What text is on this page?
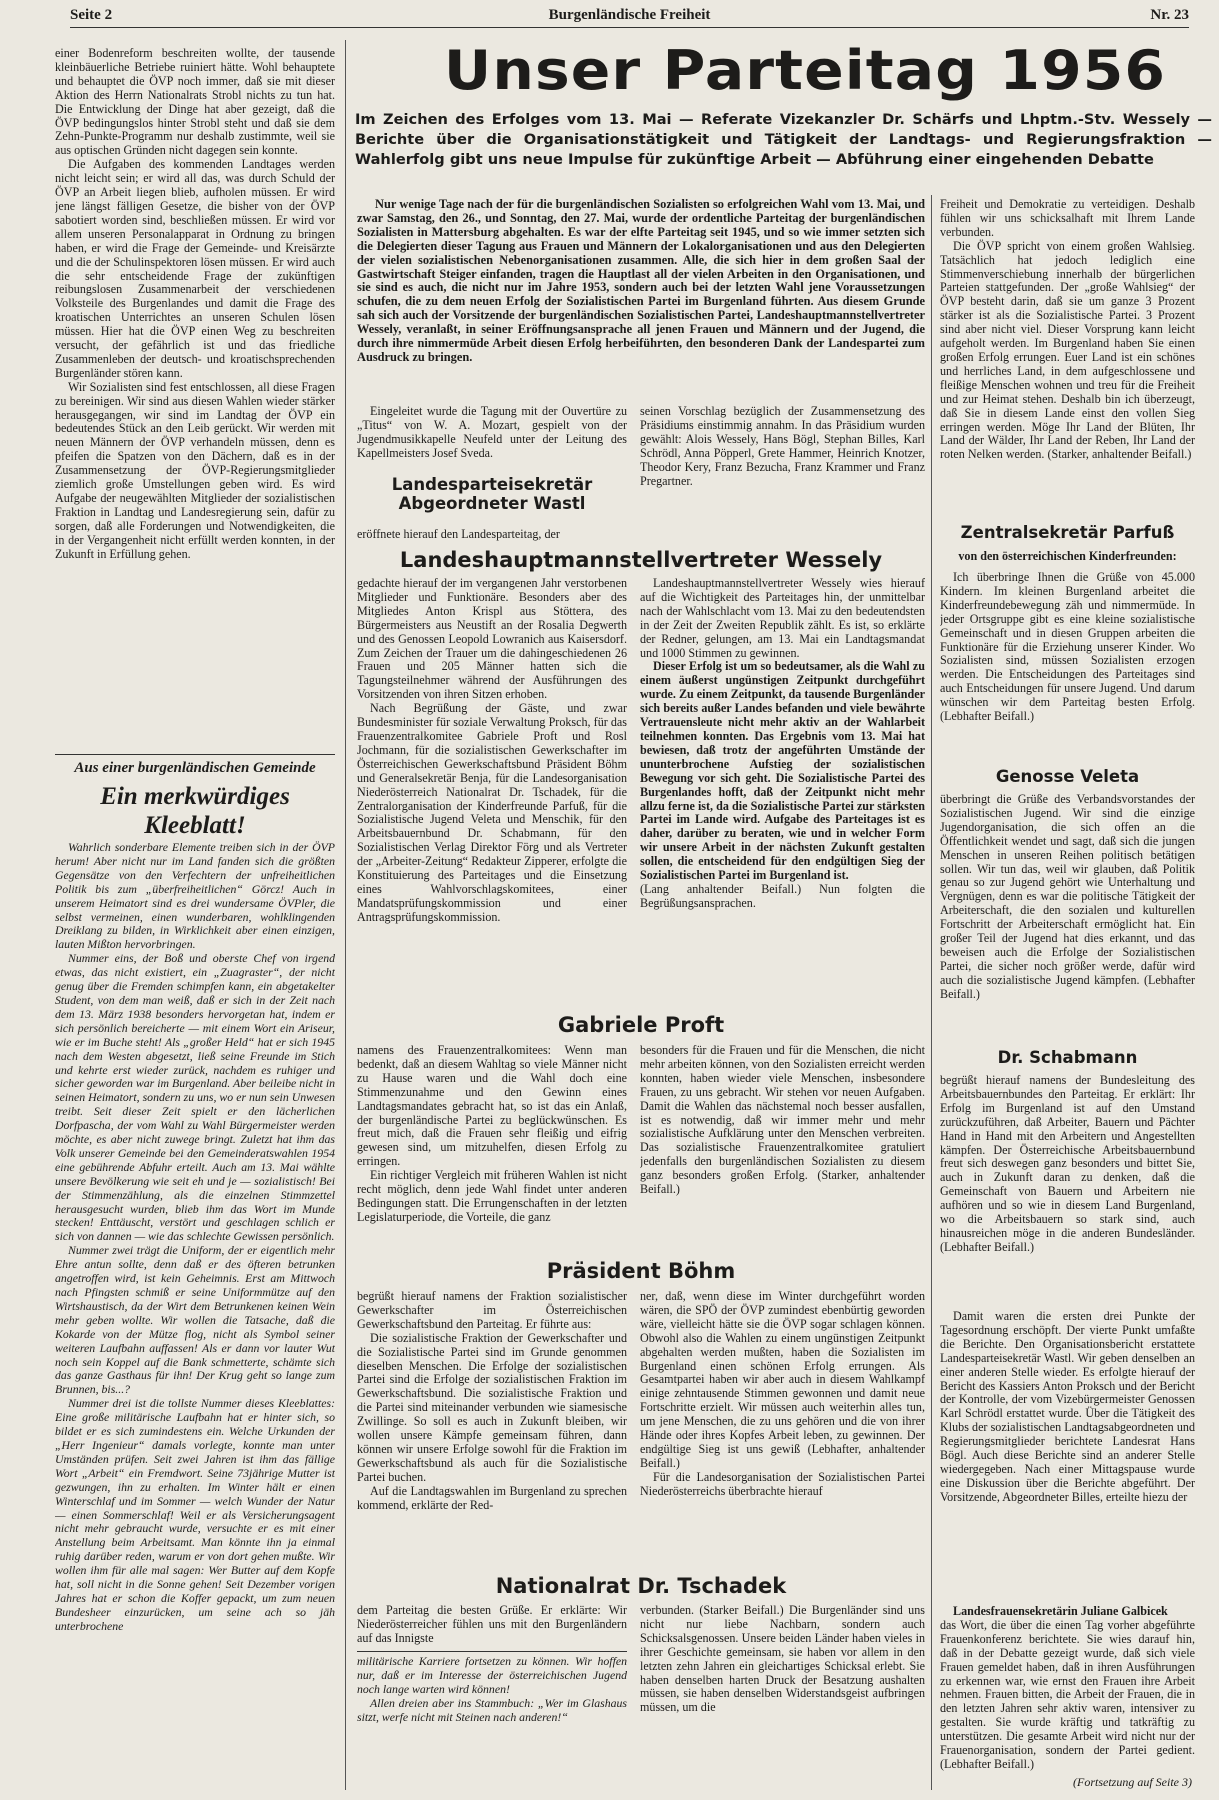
Seite 2	Burgenländische Freiheit	Nr. 23

einer Bodenreform beschreiten wollte, der tausende kleinbäuerliche Betriebe ruiniert hätte. Wohl behauptete und behauptet die ÖVP noch immer, daß sie mit dieser Aktion des Herrn Nationalrats Strobl nichts zu tun hat. Die Entwicklung der Dinge hat aber gezeigt, daß die ÖVP bedingungslos hinter Strobl steht und daß sie dem Zehn-Punkte-Programm nur deshalb zustimmte, weil sie aus optischen Gründen nicht dagegen sein konnte.

Die Aufgaben des kommenden Landtages werden nicht leicht sein; er wird all das, was durch Schuld der ÖVP an Arbeit liegen blieb, aufholen müssen. Er wird jene längst fälligen Gesetze, die bisher von der ÖVP sabotiert worden sind, beschließen müssen. Er wird vor allem unseren Personalapparat in Ordnung zu bringen haben, er wird die Frage der Gemeinde- und Kreisärzte und die der Schulinspektoren lösen müssen. Er wird auch die sehr entscheidende Frage der zukünftigen reibungslosen Zusammenarbeit der verschiedenen Volksteile des Burgenlandes und damit die Frage des kroatischen Unterrichtes an unseren Schulen lösen müssen. Hier hat die ÖVP einen Weg zu beschreiten versucht, der gefährlich ist und das friedliche Zusammenleben der deutsch- und kroatischsprechenden Burgenländer stören kann.

Wir Sozialisten sind fest entschlossen, all diese Fragen zu bereinigen. Wir sind aus diesen Wahlen wieder stärker herausgegangen, wir sind im Landtag der ÖVP ein bedeutendes Stück an den Leib gerückt. Wir werden mit neuen Männern der ÖVP verhandeln müssen, denn es pfeifen die Spatzen von den Dächern, daß es in der Zusammensetzung der ÖVP-Regierungsmitglieder ziemlich große Umstellungen geben wird. Es wird Aufgabe der neugewählten Mitglieder der sozialistischen Fraktion in Landtag und Landesregierung sein, dafür zu sorgen, daß alle Forderungen und Notwendigkeiten, die in der Vergangenheit nicht erfüllt werden konnten, in der Zukunft in Erfüllung gehen.

Aus einer burgenländischen Gemeinde
Ein merkwürdiges Kleeblatt!

Wahrlich sonderbare Elemente treiben sich in der ÖVP herum! Aber nicht nur im Land fanden sich die größten Gegensätze von den Verfechtern der unfreiheitlichen Politik bis zum „überfreiheitlichen“ Görcz! Auch in unserem Heimatort sind es drei wundersame ÖVPler, die selbst vermeinen, einen wunderbaren, wohlklingenden Dreiklang zu bilden, in Wirklichkeit aber einen einzigen, lauten Mißton hervorbringen.

Nummer eins, der Boß und oberste Chef von irgend etwas, das nicht existiert, ein „Zuagraster“, der nicht genug über die Fremden schimpfen kann, ein abgetakelter Student, von dem man weiß, daß er sich in der Zeit nach dem 13. März 1938 besonders hervorgetan hat, indem er sich persönlich bereicherte — mit einem Wort ein Ariseur, wie er im Buche steht! Als „großer Held“ hat er sich 1945 nach dem Westen abgesetzt, ließ seine Freunde im Stich und kehrte erst wieder zurück, nachdem es ruhiger und sicher geworden war im Burgenland. Aber beileibe nicht in seinen Heimatort, sondern zu uns, wo er nun sein Unwesen treibt. Seit dieser Zeit spielt er den lächerlichen Dorfpascha, der vom Wahl zu Wahl Bürgermeister werden möchte, es aber nicht zuwege bringt. Zuletzt hat ihm das Volk unserer Gemeinde bei den Gemeinderatswahlen 1954 eine gebührende Abfuhr erteilt. Auch am 13. Mai wählte unsere Bevölkerung wie seit eh und je — sozialistisch! Bei der Stimmenzählung, als die einzelnen Stimmzettel herausgesucht wurden, blieb ihm das Wort im Munde stecken! Enttäuscht, verstört und geschlagen schlich er sich von dannen — wie das schlechte Gewissen persönlich.

Nummer zwei trägt die Uniform, der er eigentlich mehr Ehre antun sollte, denn daß er des öfteren betrunken angetroffen wird, ist kein Geheimnis. Erst am Mittwoch nach Pfingsten schmiß er seine Uniformmütze auf den Wirtshaustisch, da der Wirt dem Betrunkenen keinen Wein mehr geben wollte. Wir wollen die Tatsache, daß die Kokarde von der Mütze flog, nicht als Symbol seiner weiteren Laufbahn auffassen! Als er dann vor lauter Wut noch sein Koppel auf die Bank schmetterte, schämte sich das ganze Gasthaus für ihn! Der Krug geht so lange zum Brunnen, bis...?

Nummer drei ist die tollste Nummer dieses Kleeblattes: Eine große militärische Laufbahn hat er hinter sich, so bildet er es sich zumindestens ein. Welche Urkunden der „Herr Ingenieur“ damals vorlegte, konnte man unter Umständen prüfen. Seit zwei Jahren ist ihm das fällige Wort „Arbeit“ ein Fremdwort. Seine 73jährige Mutter ist gezwungen, ihn zu erhalten. Im Winter hält er einen Winterschlaf und im Sommer — welch Wunder der Natur — einen Sommerschlaf! Weil er als Versicherungsagent nicht mehr gebraucht wurde, versuchte er es mit einer Anstellung beim Arbeitsamt. Man könnte ihn ja einmal ruhig darüber reden, warum er von dort gehen mußte. Wir wollen ihm für alle mal sagen: Wer Butter auf dem Kopfe hat, soll nicht in die Sonne gehen! Seit Dezember vorigen Jahres hat er schon die Koffer gepackt, um zum neuen Bundesheer einzurücken, um seine ach so jäh unterbrochene

Unser Parteitag 1956
Im Zeichen des Erfolges vom 13. Mai — Referate Vizekanzler Dr. Schärfs und Lhptm.-Stv. Wessely — Berichte über die Organisationstätigkeit und Tätigkeit der Landtags- und Regierungsfraktion — Wahlerfolg gibt uns neue Impulse für zukünftige Arbeit — Abführung einer eingehenden Debatte

Nur wenige Tage nach der für die burgenländischen Sozialisten so erfolgreichen Wahl vom 13. Mai, und zwar Samstag, den 26., und Sonntag, den 27. Mai, wurde der ordentliche Parteitag der burgenländischen Sozialisten in Mattersburg abgehalten. Es war der elfte Parteitag seit 1945, und so wie immer setzten sich die Delegierten dieser Tagung aus Frauen und Männern der Lokalorganisationen und aus den Delegierten der vielen sozialistischen Nebenorganisationen zusammen. Alle, die sich hier in dem großen Saal der Gastwirtschaft Steiger einfanden, tragen die Hauptlast all der vielen Arbeiten in den Organisationen, und sie sind es auch, die nicht nur im Jahre 1953, sondern auch bei der letzten Wahl jene Voraussetzungen schufen, die zu dem neuen Erfolg der Sozialistischen Partei im Burgenland führten. Aus diesem Grunde sah sich auch der Vorsitzende der burgenländischen Sozialistischen Partei, Landeshauptmannstellvertreter Wessely, veranlaßt, in seiner Eröffnungsansprache all jenen Frauen und Männern und der Jugend, die durch ihre nimmermüde Arbeit diesen Erfolg herbeiführten, den besonderen Dank der Landespartei zum Ausdruck zu bringen.

Eingeleitet wurde die Tagung mit der Ouvertüre zu „Titus“ von W. A. Mozart, gespielt von der Jugendmusikkapelle Neufeld unter der Leitung des Kapellmeisters Josef Sveda.

Landesparteisekretär Abgeordneter Wastl

eröffnete hierauf den Landesparteitag, der

seinen Vorschlag bezüglich der Zusammensetzung des Präsidiums einstimmig annahm. In das Präsidium wurden gewählt: Alois Wessely, Hans Bögl, Stephan Billes, Karl Schrödl, Anna Pöpperl, Grete Hammer, Heinrich Knotzer, Theodor Kery, Franz Bezucha, Franz Krammer und Franz Pregartner.

Landeshauptmannstellvertreter Wessely

gedachte hierauf der im vergangenen Jahr verstorbenen Mitglieder und Funktionäre. Besonders aber des Mitgliedes Anton Krispl aus Stöttera, des Bürgermeisters aus Neustift an der Rosalia Degwerth und des Genossen Leopold Lowranich aus Kaisersdorf. Zum Zeichen der Trauer um die dahingeschiedenen 26 Frauen und 205 Männer hatten sich die Tagungsteilnehmer während der Ausführungen des Vorsitzenden von ihren Sitzen erhoben.

Nach Begrüßung der Gäste, und zwar Bundesminister für soziale Verwaltung Proksch, für das Frauenzentralkomitee Gabriele Proft und Rosl Jochmann, für die sozialistischen Gewerkschafter im Österreichischen Gewerkschaftsbund Präsident Böhm und Generalsekretär Benja, für die Landesorganisation Niederösterreich Nationalrat Dr. Tschadek, für die Zentralorganisation der Kinderfreunde Parfuß, für die Sozialistische Jugend Veleta und Menschik, für den Arbeitsbauernbund Dr. Schabmann, für den Sozialistischen Verlag Direktor Förg und als Vertreter der „Arbeiter-Zeitung“ Redakteur Zipperer, erfolgte die Konstituierung des Parteitages und die Einsetzung eines Wahlvorschlagskomitees, einer Mandatsprüfungskommission und einer Antragsprüfungskommission.

Landeshauptmannstellvertreter Wessely wies hierauf auf die Wichtigkeit des Parteitages hin, der unmittelbar nach der Wahlschlacht vom 13. Mai zu den bedeutendsten in der Zeit der Zweiten Republik zählt. Es ist, so erklärte der Redner, gelungen, am 13. Mai ein Landtagsmandat und 1000 Stimmen zu gewinnen.

Dieser Erfolg ist um so bedeutsamer, als die Wahl zu einem äußerst ungünstigen Zeitpunkt durchgeführt wurde. Zu einem Zeitpunkt, da tausende Burgenländer sich bereits außer Landes befanden und viele bewährte Vertrauensleute nicht mehr aktiv an der Wahlarbeit teilnehmen konnten. Das Ergebnis vom 13. Mai hat bewiesen, daß trotz der angeführten Umstände der ununterbrochene Aufstieg der sozialistischen Bewegung vor sich geht. Die Sozialistische Partei des Burgenlandes hofft, daß der Zeitpunkt nicht mehr allzu ferne ist, da die Sozialistische Partei zur stärksten Partei im Lande wird. Aufgabe des Parteitages ist es daher, darüber zu beraten, wie und in welcher Form wir unsere Arbeit in der nächsten Zukunft gestalten sollen, die entscheidend für den endgültigen Sieg der Sozialistischen Partei im Burgenland ist.

(Lang anhaltender Beifall.) Nun folgten die Begrüßungsansprachen.

Gabriele Proft

namens des Frauenzentralkomitees: Wenn man bedenkt, daß an diesem Wahltag so viele Männer nicht zu Hause waren und die Wahl doch eine Stimmenzunahme und den Gewinn eines Landtagsmandates gebracht hat, so ist das ein Anlaß, der burgenländische Partei zu beglückwünschen. Es freut mich, daß die Frauen sehr fleißig und eifrig gewesen sind, um mitzuhelfen, diesen Erfolg zu erringen.

Ein richtiger Vergleich mit früheren Wahlen ist nicht recht möglich, denn jede Wahl findet unter anderen Bedingungen statt. Die Errungenschaften in der letzten Legislaturperiode, die Vorteile, die ganz

besonders für die Frauen und für die Menschen, die nicht mehr arbeiten können, von den Sozialisten erreicht werden konnten, haben wieder viele Menschen, insbesondere Frauen, zu uns gebracht. Wir stehen vor neuen Aufgaben. Damit die Wahlen das nächstemal noch besser ausfallen, ist es notwendig, daß wir immer mehr und mehr sozialistische Aufklärung unter den Menschen verbreiten. Das sozialistische Frauenzentralkomitee gratuliert jedenfalls den burgenländischen Sozialisten zu diesem ganz besonders großen Erfolg. (Starker, anhaltender Beifall.)

Präsident Böhm

begrüßt hierauf namens der Fraktion sozialistischer Gewerkschafter im Österreichischen Gewerkschaftsbund den Parteitag. Er führte aus:

Die sozialistische Fraktion der Gewerkschafter und die Sozialistische Partei sind im Grunde genommen dieselben Menschen. Die Erfolge der sozialistischen Partei sind die Erfolge der sozialistischen Fraktion im Gewerkschaftsbund. Die sozialistische Fraktion und die Partei sind miteinander verbunden wie siamesische Zwillinge. So soll es auch in Zukunft bleiben, wir wollen unsere Kämpfe gemeinsam führen, dann können wir unsere Erfolge sowohl für die Fraktion im Gewerkschaftsbund als auch für die Sozialistische Partei buchen.

Auf die Landtagswahlen im Burgenland zu sprechen kommend, erklärte der Red-

ner, daß, wenn diese im Winter durchgeführt worden wären, die SPÖ der ÖVP zumindest ebenbürtig geworden wäre, vielleicht hätte sie die ÖVP sogar schlagen können. Obwohl also die Wahlen zu einem ungünstigen Zeitpunkt abgehalten werden mußten, haben die Sozialisten im Burgenland einen schönen Erfolg errungen. Als Gesamtpartei haben wir aber auch in diesem Wahlkampf einige zehntausende Stimmen gewonnen und damit neue Fortschritte erzielt. Wir müssen auch weiterhin alles tun, um jene Menschen, die zu uns gehören und die von ihrer Hände oder ihres Kopfes Arbeit leben, zu gewinnen. Der endgültige Sieg ist uns gewiß (Lebhafter, anhaltender Beifall.)

Für die Landesorganisation der Sozialistischen Partei Niederösterreichs überbrachte hierauf

Nationalrat Dr. Tschadek

dem Parteitag die besten Grüße. Er erklärte: Wir Niederösterreicher fühlen uns mit den Burgenländern auf das Innigste

militärische Karriere fortsetzen zu können. Wir hoffen nur, daß er im Interesse der österreichischen Jugend noch lange warten wird können!

Allen dreien aber ins Stammbuch: „Wer im Glashaus sitzt, werfe nicht mit Steinen nach anderen!“

verbunden. (Starker Beifall.) Die Burgenländer sind uns nicht nur liebe Nachbarn, sondern auch Schicksalsgenossen. Unsere beiden Länder haben vieles in ihrer Geschichte gemeinsam, sie haben vor allem in den letzten zehn Jahren ein gleichartiges Schicksal erlebt. Sie haben denselben harten Druck der Besatzung aushalten müssen, sie haben denselben Widerstandsgeist aufbringen müssen, um die

Freiheit und Demokratie zu verteidigen. Deshalb fühlen wir uns schicksalhaft mit Ihrem Lande verbunden.

Die ÖVP spricht von einem großen Wahlsieg. Tatsächlich hat jedoch lediglich eine Stimmenverschiebung innerhalb der bürgerlichen Parteien stattgefunden. Der „große Wahlsieg“ der ÖVP besteht darin, daß sie um ganze 3 Prozent stärker ist als die Sozialistische Partei. 3 Prozent sind aber nicht viel. Dieser Vorsprung kann leicht aufgeholt werden. Im Burgenland haben Sie einen großen Erfolg errungen. Euer Land ist ein schönes und herrliches Land, in dem aufgeschlossene und fleißige Menschen wohnen und treu für die Freiheit und zur Heimat stehen. Deshalb bin ich überzeugt, daß Sie in diesem Lande einst den vollen Sieg erringen werden. Möge Ihr Land der Blüten, Ihr Land der Wälder, Ihr Land der Reben, Ihr Land der roten Nelken werden. (Starker, anhaltender Beifall.)

Zentralsekretär Parfuß
von den österreichischen Kinderfreunden:

Ich überbringe Ihnen die Grüße von 45.000 Kindern. Im kleinen Burgenland arbeitet die Kinderfreundebewegung zäh und nimmermüde. In jeder Ortsgruppe gibt es eine kleine sozialistische Gemeinschaft und in diesen Gruppen arbeiten die Funktionäre für die Erziehung unserer Kinder. Wo Sozialisten sind, müssen Sozialisten erzogen werden. Die Entscheidungen des Parteitages sind auch Entscheidungen für unsere Jugend. Und darum wünschen wir dem Parteitag besten Erfolg. (Lebhafter Beifall.)

Genosse Veleta

überbringt die Grüße des Verbandsvorstandes der Sozialistischen Jugend. Wir sind die einzige Jugendorganisation, die sich offen an die Öffentlichkeit wendet und sagt, daß sich die jungen Menschen in unseren Reihen politisch betätigen sollen. Wir tun das, weil wir glauben, daß Politik genau so zur Jugend gehört wie Unterhaltung und Vergnügen, denn es war die politische Tätigkeit der Arbeiterschaft, die den sozialen und kulturellen Fortschritt der Arbeiterschaft ermöglicht hat. Ein großer Teil der Jugend hat dies erkannt, und das beweisen auch die Erfolge der Sozialistischen Partei, die sicher noch größer werde, dafür wird auch die sozialistische Jugend kämpfen. (Lebhafter Beifall.)

Dr. Schabmann

begrüßt hierauf namens der Bundesleitung des Arbeitsbauernbundes den Parteitag. Er erklärt: Ihr Erfolg im Burgenland ist auf den Umstand zurückzuführen, daß Arbeiter, Bauern und Pächter Hand in Hand mit den Arbeitern und Angestellten kämpfen. Der Österreichische Arbeitsbauernbund freut sich deswegen ganz besonders und bittet Sie, auch in Zukunft daran zu denken, daß die Gemeinschaft von Bauern und Arbeitern nie aufhören und so wie in diesem Land Burgenland, wo die Arbeitsbauern so stark sind, auch hinausreichen möge in die anderen Bundesländer. (Lebhafter Beifall.)

Damit waren die ersten drei Punkte der Tagesordnung erschöpft. Der vierte Punkt umfaßte die Berichte. Den Organisationsbericht erstattete Landesparteisekretär Wastl. Wir geben denselben an einer anderen Stelle wieder. Es erfolgte hierauf der Bericht des Kassiers Anton Proksch und der Bericht der Kontrolle, der vom Vizebürgermeister Genossen Karl Schrödl erstattet wurde. Über die Tätigkeit des Klubs der sozialistischen Landtagsabgeordneten und Regierungsmitglieder berichtete Landesrat Hans Bögl. Auch diese Berichte sind an anderer Stelle wiedergegeben. Nach einer Mittagspause wurde eine Diskussion über die Berichte abgeführt. Der Vorsitzende, Abgeordneter Billes, erteilte hiezu der

Landesfrauensekretärin Juliane Galbicek

das Wort, die über die einen Tag vorher abgeführte Frauenkonferenz berichtete. Sie wies darauf hin, daß in der Debatte gezeigt wurde, daß sich viele Frauen gemeldet haben, daß in ihren Ausführungen zu erkennen war, wie ernst den Frauen ihre Arbeit nehmen. Frauen bitten, die Arbeit der Frauen, die in den letzten Jahren sehr aktiv waren, intensiver zu gestalten. Sie wurde kräftig und tatkräftig zu unterstützen. Die gesamte Arbeit wird nicht nur der Frauenorganisation, sondern der Partei gedient. (Lebhafter Beifall.)

(Fortsetzung auf Seite 3)
